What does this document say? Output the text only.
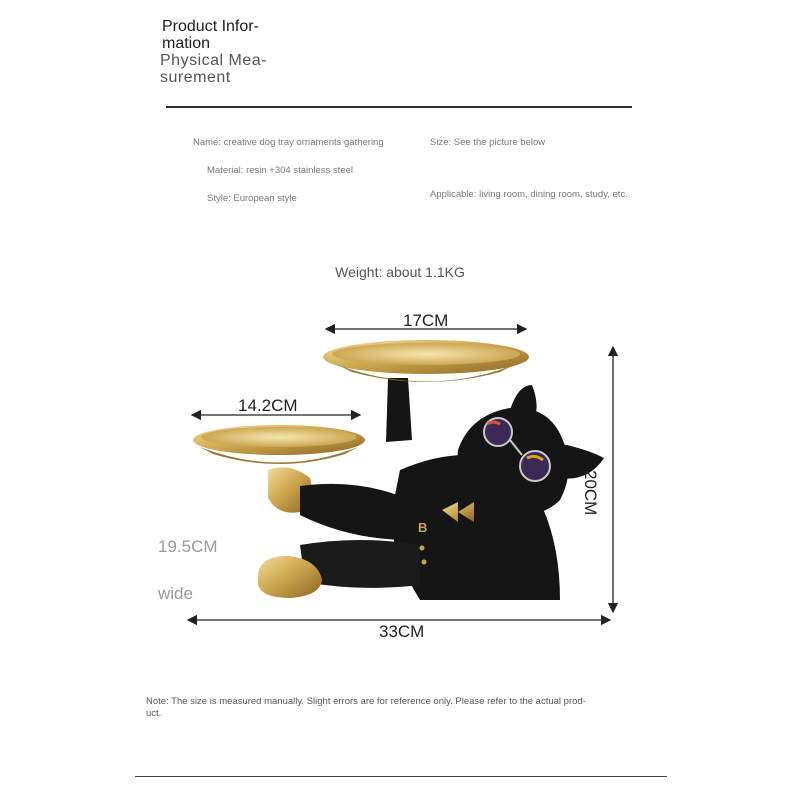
Product Infor-
mation
Physical Mea-
surement
Name: creative dog tray ornaments gathering
Material: resin +304 stainless steel
Style: European style
Size: See the picture below
Applicable: living room, dining room, study, etc.
Weight: about 1.1KG
B
17CM
14.2CM
20CM
19.5CM
wide
33CM
Note: The size is measured manually. Slight errors are for reference only. Please refer to the actual prod-
uct.
